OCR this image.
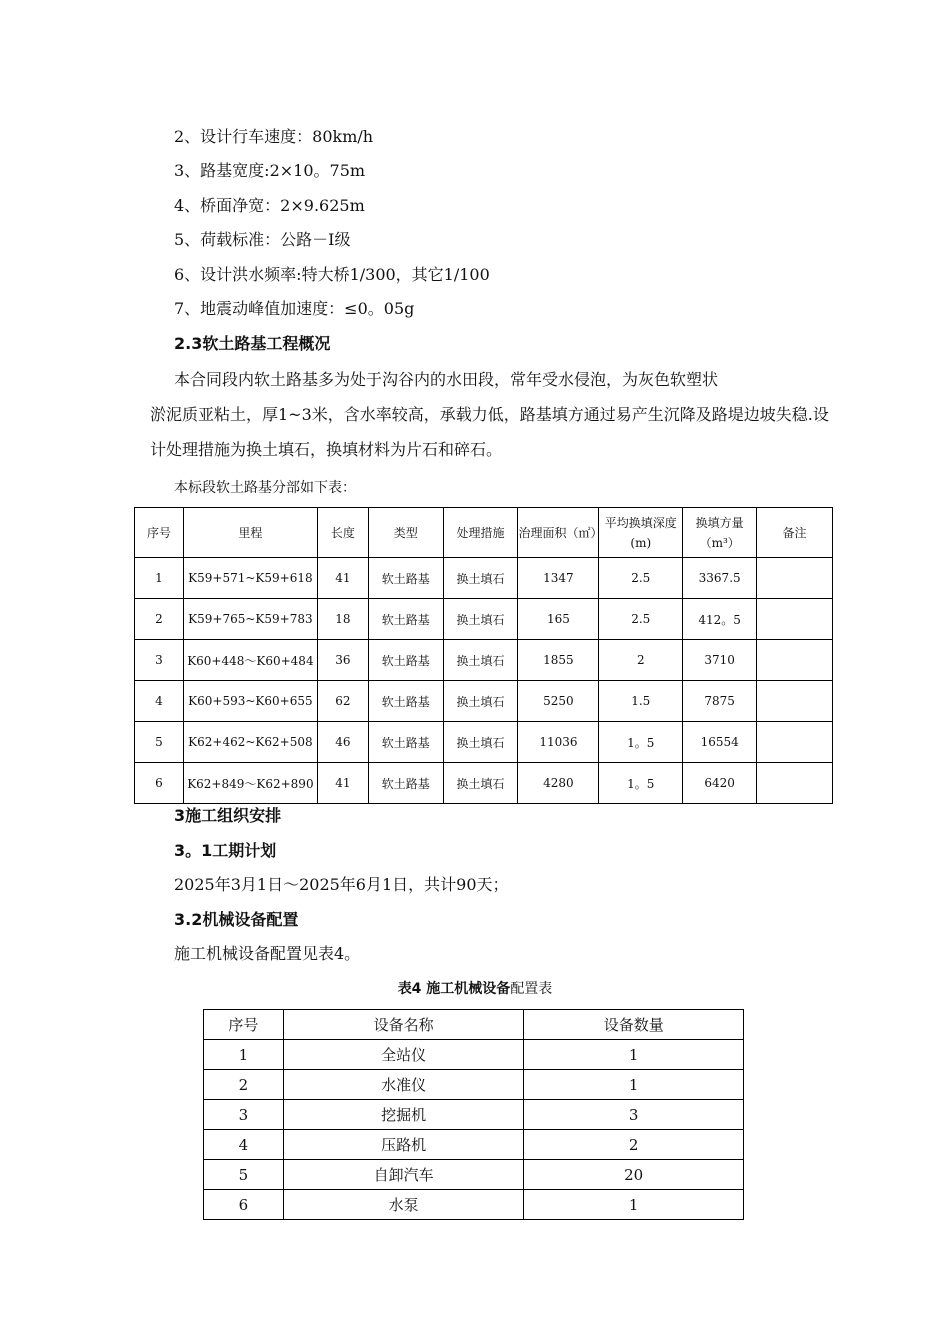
2、设计行车速度：80km/h
3、路基宽度:2×10。75m
4、桥面净宽：2×9.625m
5、荷载标准：公路－Ⅰ级
6、设计洪水频率:特大桥1/300，其它1/100
7、地震动峰值加速度：≤0。05g
2.3软土路基工程概况
本合同段内软土路基多为处于沟谷内的水田段，常年受水侵泡，为灰色软塑状
淤泥质亚粘土，厚1~3米，含水率较高，承载力低，路基填方通过易产生沉降及路堤边坡失稳.设计处理措施为换土填石，换填材料为片石和碎石。
本标段软土路基分部如下表：
序号	里程	长度	类型	处理措施	治理面积（㎡）	平均换填深度(m)	换填方量（m³）	备注
1	K59+571~K59+618	41	软土路基	换土填石	1347	2.5	3367.5	
2	K59+765~K59+783	18	软土路基	换土填石	165	2.5	412。5	
3	K60+448～K60+484	36	软土路基	换土填石	1855	2	3710	
4	K60+593~K60+655	62	软土路基	换土填石	5250	1.5	7875	
5	K62+462~K62+508	46	软土路基	换土填石	11036	1。5	16554	
6	K62+849～K62+890	41	软土路基	换土填石	4280	1。5	6420	
3施工组织安排
3。1工期计划
2025年3月1日～2025年6月1日，共计90天；
3.2机械设备配置
施工机械设备配置见表4。
表4 施工机械设备配置表
序号	设备名称	设备数量
1	全站仪	1
2	水准仪	1
3	挖掘机	3
4	压路机	2
5	自卸汽车	20
6	水泵	1
